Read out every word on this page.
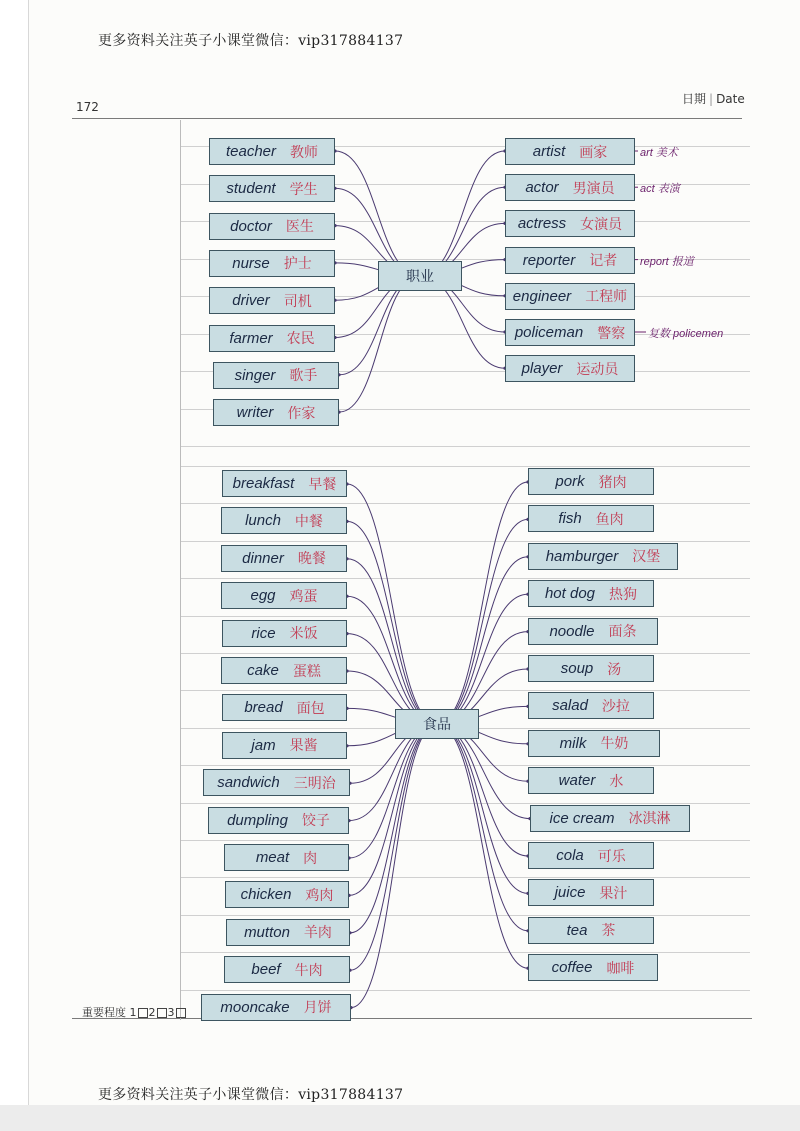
更多资料关注英子小课堂微信：vip317884137
172
日期 | Date
职业
食品
teacher 教师
student 学生
doctor 医生
nurse 护士
driver 司机
farmer 农民
singer 歌手
writer 作家
artist 画家	art 美术
actor 男演员 act 表演
actress 女演员
reporter 记者 report 报道
engineer 工程师
policeman 警察 复数 policemen
player 运动员
breakfast 早餐
lunch 中餐
dinner 晚餐
egg 鸡蛋
rice 米饭
cake 蛋糕
bread 面包
jam 果酱
sandwich 三明治
dumpling 饺子
meat 肉
chicken 鸡肉
mutton 羊肉
beef 牛肉
mooncake 月饼
pork 猪肉
fish 鱼肉
hamburger 汉堡
hot dog 热狗
noodle 面条
soup 汤
salad 沙拉
milk 牛奶
water 水
ice cream 冰淇淋
cola 可乐
juice 果汁
tea 茶
coffee 咖啡
重要程度 1 2 3
更多资料关注英子小课堂微信：vip317884137
